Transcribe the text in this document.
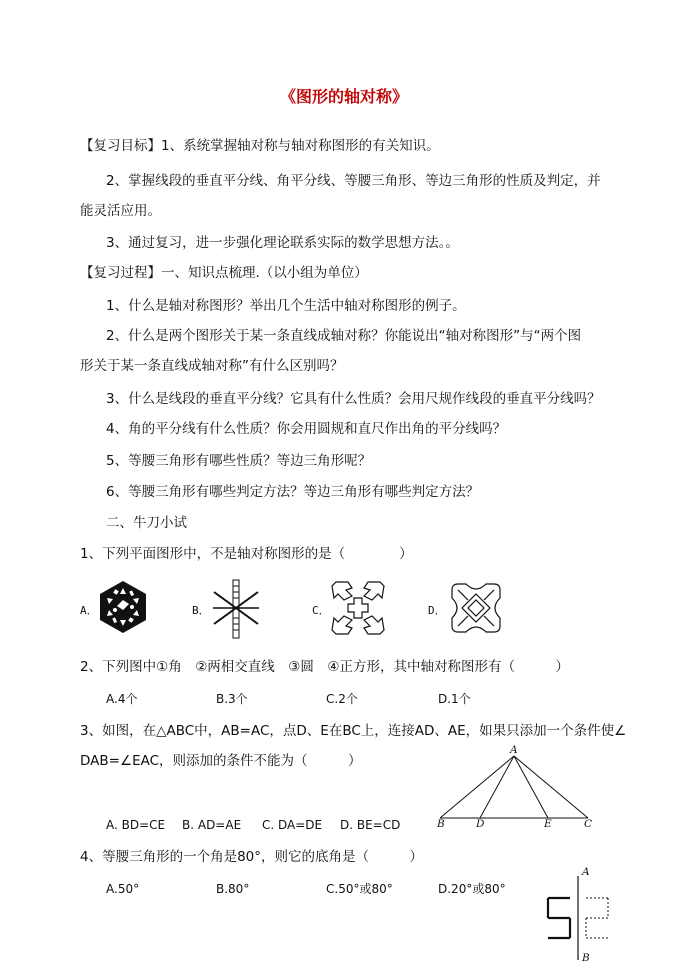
《图形的轴对称》
【复习目标】1、系统掌握轴对称与轴对称图形的有关知识。
2、掌握线段的垂直平分线、角平分线、等腰三角形、等边三角形的性质及判定，并
能灵活应用。
3、通过复习，进一步强化理论联系实际的数学思想方法。。
【复习过程】一、知识点梳理.（以小组为单位）
1、什么是轴对称图形？举出几个生活中轴对称图形的例子。
2、什么是两个图形关于某一条直线成轴对称？你能说出“轴对称图形”与“两个图
形关于某一条直线成轴对称”有什么区别吗？
3、什么是线段的垂直平分线？它具有什么性质？会用尺规作线段的垂直平分线吗？
4、角的平分线有什么性质？你会用圆规和直尺作出角的平分线吗？
5、等腰三角形有哪些性质？等边三角形呢？
6、等腰三角形有哪些判定方法？等边三角形有哪些判定方法？
二、牛刀小试
1、下列平面图形中，不是轴对称图形的是（　　　　）
A．	B．	C．	D．
2、下列图中①角　②两相交直线　③圆　④正方形，其中轴对称图形有（　　　）
A.4个	B.3个	C.2个	D.1个
3、如图，在△ABC中，AB=AC，点D、E在BC上，连接AD、AE，如果只添加一个条件使∠
DAB=∠EAC，则添加的条件不能为（　　　）
A. BD=CE B. AD=AE C. DA=DE D. BE=CD
A
B	D	E	C
4、等腰三角形的一个角是80°，则它的底角是（　　　）
A.50°	B.80°	C.50°或80°	D.20°或80°
A
B
